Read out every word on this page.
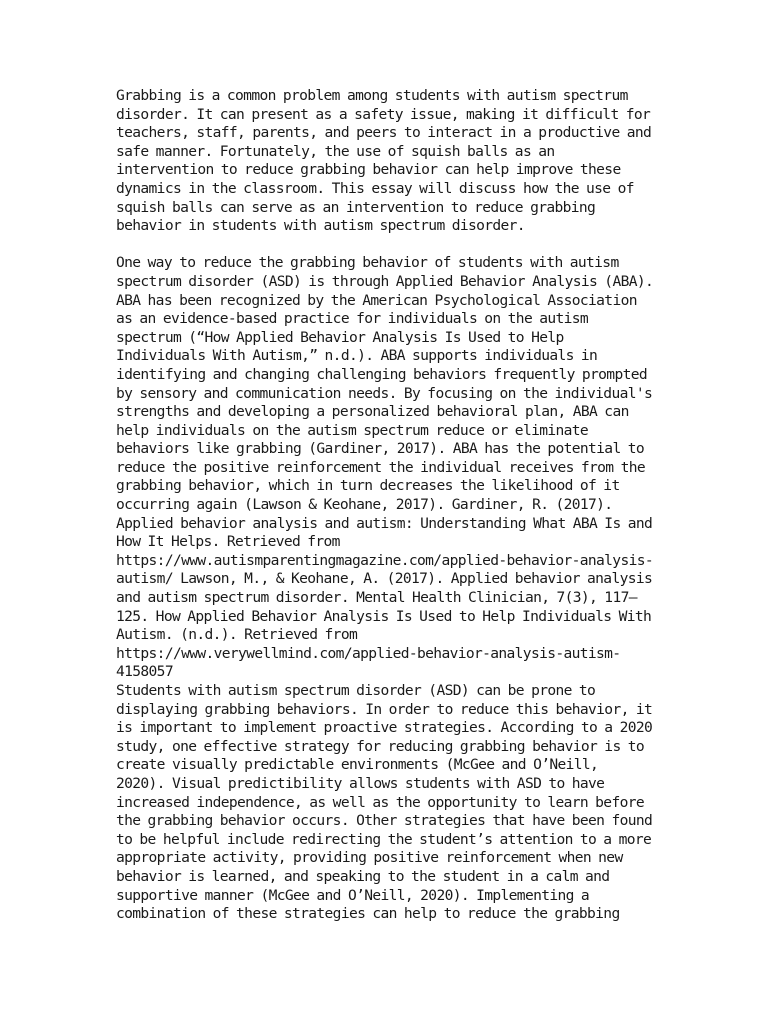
Grabbing is a common problem among students with autism spectrum disorder. It can present as a safety issue, making it difficult for teachers, staff, parents, and peers to interact in a productive and safe manner. Fortunately, the use of squish balls as an intervention to reduce grabbing behavior can help improve these dynamics in the classroom. This essay will discuss how the use of squish balls can serve as an intervention to reduce grabbing behavior in students with autism spectrum disorder.

One way to reduce the grabbing behavior of students with autism spectrum disorder (ASD) is through Applied Behavior Analysis (ABA). ABA has been recognized by the American Psychological Association as an evidence-based practice for individuals on the autism spectrum (“How Applied Behavior Analysis Is Used to Help Individuals With Autism,” n.d.). ABA supports individuals in identifying and changing challenging behaviors frequently prompted by sensory and communication needs. By focusing on the individual's strengths and developing a personalized behavioral plan, ABA can help individuals on the autism spectrum reduce or eliminate behaviors like grabbing (Gardiner, 2017). ABA has the potential to reduce the positive reinforcement the individual receives from the grabbing behavior, which in turn decreases the likelihood of it occurring again (Lawson & Keohane, 2017). Gardiner, R. (2017). Applied behavior analysis and autism: Understanding What ABA Is and How It Helps. Retrieved from https://www.autismparentingmagazine.com/applied-behavior-analysis-autism/ Lawson, M., & Keohane, A. (2017). Applied behavior analysis and autism spectrum disorder. Mental Health Clinician, 7(3), 117–125. How Applied Behavior Analysis Is Used to Help Individuals With Autism. (n.d.). Retrieved from https://www.verywellmind.com/applied-behavior-analysis-autism-4158057

Students with autism spectrum disorder (ASD) can be prone to displaying grabbing behaviors. In order to reduce this behavior, it is important to implement proactive strategies. According to a 2020 study, one effective strategy for reducing grabbing behavior is to create visually predictable environments (McGee and O’Neill, 2020). Visual predictibility allows students with ASD to have increased independence, as well as the opportunity to learn before the grabbing behavior occurs. Other strategies that have been found to be helpful include redirecting the student’s attention to a more appropriate activity, providing positive reinforcement when new behavior is learned, and speaking to the student in a calm and supportive manner (McGee and O’Neill, 2020). Implementing a combination of these strategies can help to reduce the grabbing
